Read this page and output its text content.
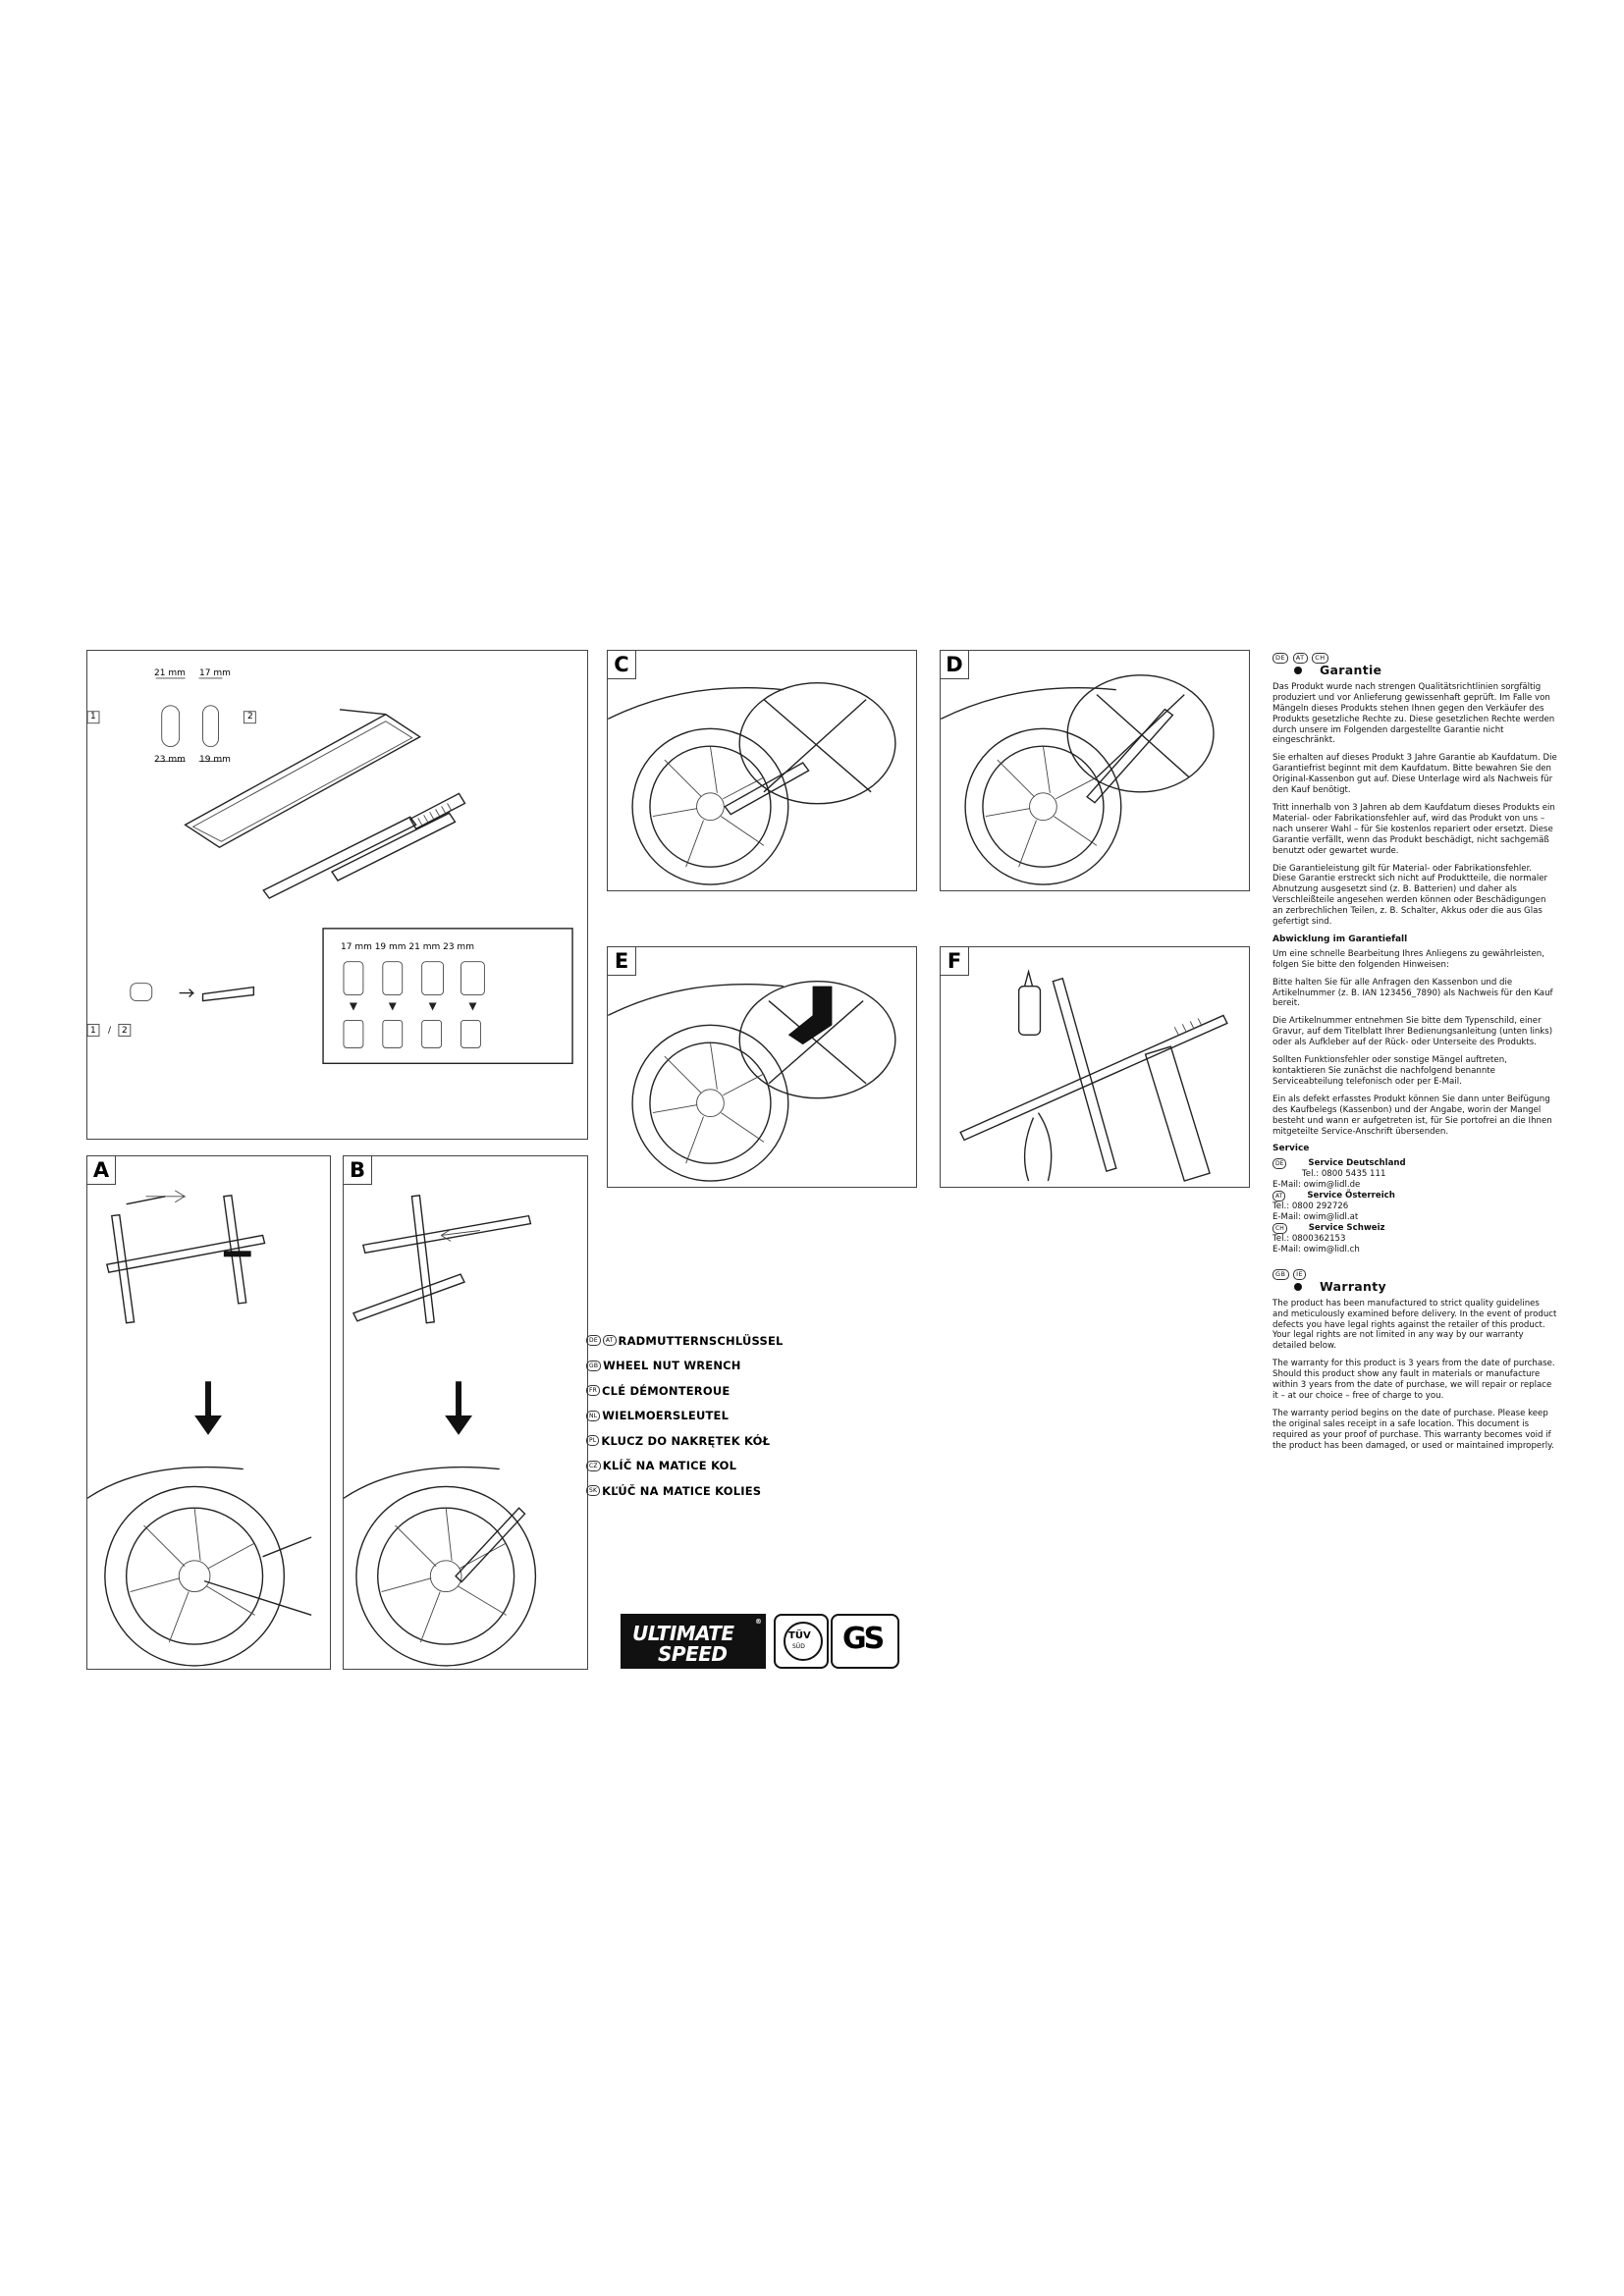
21 mm 17 mm
23 mm 19 mm
1	2
1 / 2
17 mm 19 mm 21 mm 23 mm
C	D
E	F
A	B
DE	AT RADMUTTERNSCHLÜSSEL
GB WHEEL NUT WRENCH
FR CLÉ DÉMONTEROUE
NL WIELMOERSLEUTEL
PL KLUCZ DO NAKRĘTEK KÓŁ
CZ KLÍČ NA MATICE KOL
SK KĽÚČ NA MATICE KOLIES
ULTIMATE
SPEED
®
TÜV
SÜD GS
DE AT CH
Garantie

Das Produkt wurde nach strengen Qualitätsrichtlinien sorgfältig produziert und vor Anlieferung gewissenhaft geprüft. Im Falle von Mängeln dieses Produkts stehen Ihnen gegen den Verkäufer des Produkts gesetzliche Rechte zu. Diese gesetzlichen Rechte werden durch unsere im Folgenden dargestellte Garantie nicht eingeschränkt.

Sie erhalten auf dieses Produkt 3 Jahre Garantie ab Kaufdatum. Die Garantiefrist beginnt mit dem Kaufdatum. Bitte bewahren Sie den Original-Kassenbon gut auf. Diese Unterlage wird als Nachweis für den Kauf benötigt.

Tritt innerhalb von 3 Jahren ab dem Kaufdatum dieses Produkts ein Material- oder Fabrikationsfehler auf, wird das Produkt von uns – nach unserer Wahl – für Sie kostenlos repariert oder ersetzt. Diese Garantie verfällt, wenn das Produkt beschädigt, nicht sachgemäß benutzt oder gewartet wurde.

Die Garantieleistung gilt für Material- oder Fabrikationsfehler. Diese Garantie erstreckt sich nicht auf Produktteile, die normaler Abnutzung ausgesetzt sind (z. B. Batterien) und daher als Verschleißteile angesehen werden können oder Beschädigungen an zerbrechlichen Teilen, z. B. Schalter, Akkus oder die aus Glas gefertigt sind.

Abwicklung im Garantiefall

Um eine schnelle Bearbeitung Ihres Anliegens zu gewährleisten, folgen Sie bitte den folgenden Hinweisen:

Bitte halten Sie für alle Anfragen den Kassenbon und die Artikelnummer (z. B. IAN 123456_7890) als Nachweis für den Kauf bereit.

Die Artikelnummer entnehmen Sie bitte dem Typenschild, einer Gravur, auf dem Titelblatt Ihrer Bedienungsanleitung (unten links) oder als Aufkleber auf der Rück- oder Unterseite des Produkts.

Sollten Funktionsfehler oder sonstige Mängel auftreten, kontaktieren Sie zunächst die nachfolgend benannte Serviceabteilung telefonisch oder per E-Mail.

Ein als defekt erfasstes Produkt können Sie dann unter Beifügung des Kaufbelegs (Kassenbon) und der Angabe, worin der Mangel besteht und wann er aufgetreten ist, für Sie portofrei an die Ihnen mitgeteilte Service-Anschrift übersenden.

Service
DE	Service Deutschland
Tel.: 0800 5435 111
E-Mail: owim@lidl.de
AT	Service Österreich
Tel.: 0800 292726
E-Mail: owim@lidl.at
CH	Service Schweiz
Tel.: 0800362153
E-Mail: owim@lidl.ch
GB IE
Warranty

The product has been manufactured to strict quality guidelines and meticulously examined before delivery. In the event of product defects you have legal rights against the retailer of this product. Your legal rights are not limited in any way by our warranty detailed below.

The warranty for this product is 3 years from the date of purchase. Should this product show any fault in materials or manufacture within 3 years from the date of purchase, we will repair or replace it – at our choice – free of charge to you.

The warranty period begins on the date of purchase. Please keep the original sales receipt in a safe location. This document is required as your proof of purchase. This warranty becomes void if the product has been damaged, or used or maintained improperly.
